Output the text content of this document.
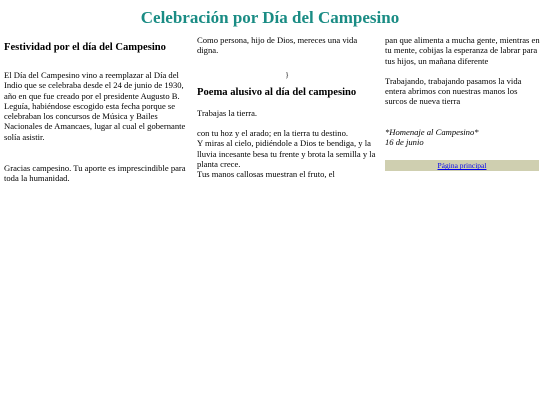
Celebración por Día del Campesino
Festividad por el día del Campesino

El Día del Campesino vino a reemplazar al Día del Indio que se celebraba desde el 24 de junio de 1930, año en que fue creado por el presidente Augusto B. Leguía, habiéndose escogido esta fecha porque se celebraban los concursos de Música y Bailes Nacionales de Amancaes, lugar al cual el gobernante solía asistir.

Gracias campesino. Tu aporte es imprescindible para toda la humanidad.

Como persona, hijo de Dios, mereces una vida digna.

}
Poema alusivo al día del campesino

Trabajas la tierra.

con tu hoz y el arado; en la tierra tu destino.
Y miras al cielo, pidiéndole a Dios te bendiga, y la lluvia incesante besa tu frente y brota la semilla y la planta crece.
Tus manos callosas muestran el fruto, el

pan que alimenta a mucha gente, mientras en tu mente, cobijas la esperanza de labrar para tus hijos, un mañana diferente

Trabajando, trabajando pasamos la vida entera abrimos con nuestras manos los surcos de nueva tierra

*Homenaje al Campesino*

16 de junio

Página principal
